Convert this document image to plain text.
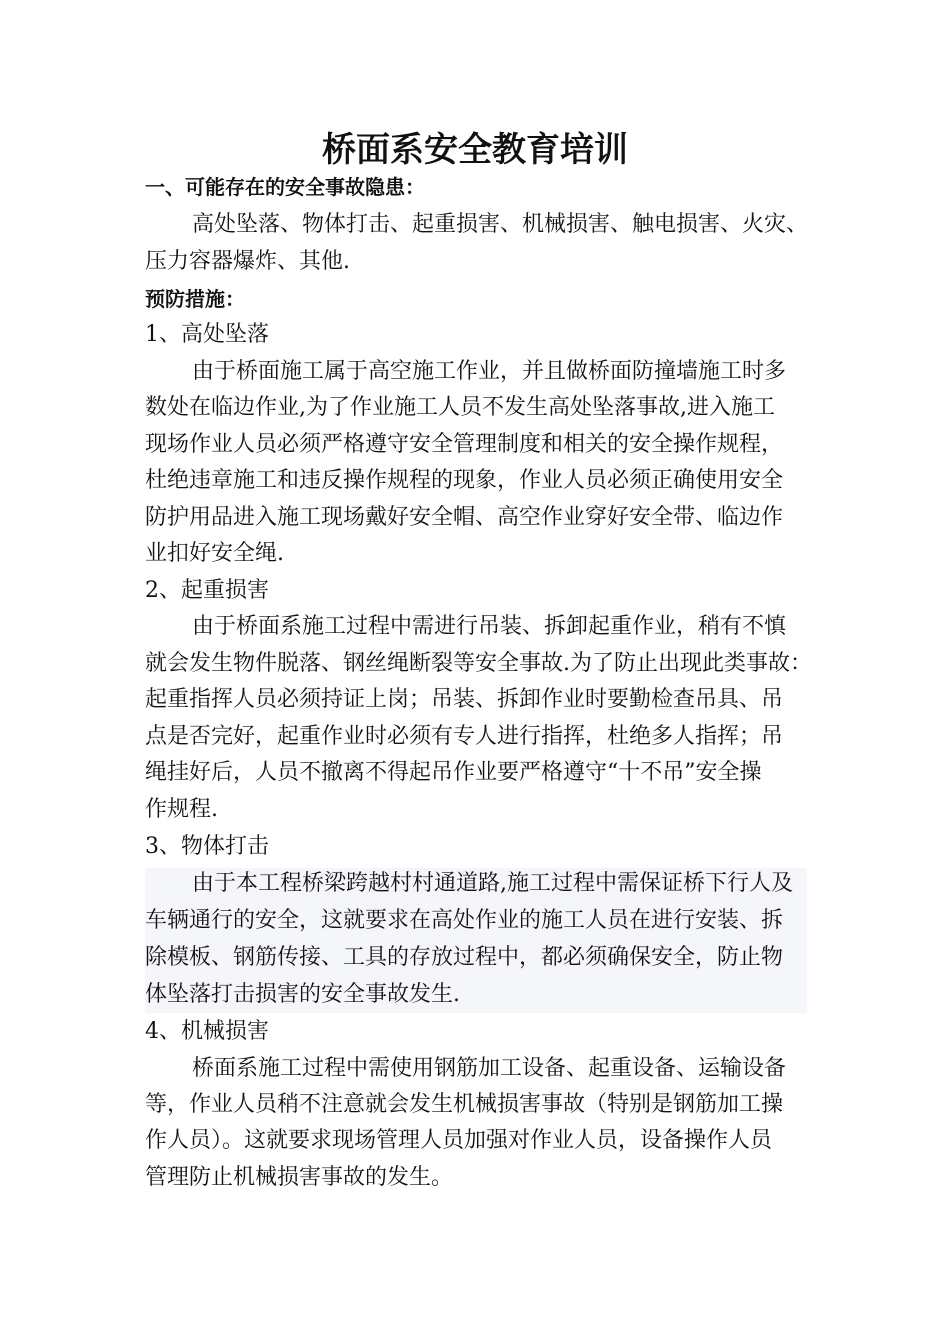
桥面系安全教育培训
一、可能存在的安全事故隐患：
高处坠落、物体打击、起重损害、机械损害、触电损害、火灾、
压力容器爆炸、其他.
预防措施：
1、高处坠落
由于桥面施工属于高空施工作业，并且做桥面防撞墙施工时多
数处在临边作业,为了作业施工人员不发生高处坠落事故,进入施工
现场作业人员必须严格遵守安全管理制度和相关的安全操作规程，
杜绝违章施工和违反操作规程的现象，作业人员必须正确使用安全
防护用品进入施工现场戴好安全帽、高空作业穿好安全带、临边作
业扣好安全绳.
2、起重损害
由于桥面系施工过程中需进行吊装、拆卸起重作业，稍有不慎
就会发生物件脱落、钢丝绳断裂等安全事故.为了防止出现此类事故：
起重指挥人员必须持证上岗；吊装、拆卸作业时要勤检查吊具、吊
点是否完好，起重作业时必须有专人进行指挥，杜绝多人指挥；吊
绳挂好后，人员不撤离不得起吊作业要严格遵守“十不吊”安全操
作规程.
3、物体打击
由于本工程桥梁跨越村村通道路,施工过程中需保证桥下行人及
车辆通行的安全，这就要求在高处作业的施工人员在进行安装、拆
除模板、钢筋传接、工具的存放过程中，都必须确保安全，防止物
体坠落打击损害的安全事故发生.
4、机械损害
桥面系施工过程中需使用钢筋加工设备、起重设备、运输设备
等，作业人员稍不注意就会发生机械损害事故（特别是钢筋加工操
作人员）。这就要求现场管理人员加强对作业人员，设备操作人员
管理防止机械损害事故的发生。
